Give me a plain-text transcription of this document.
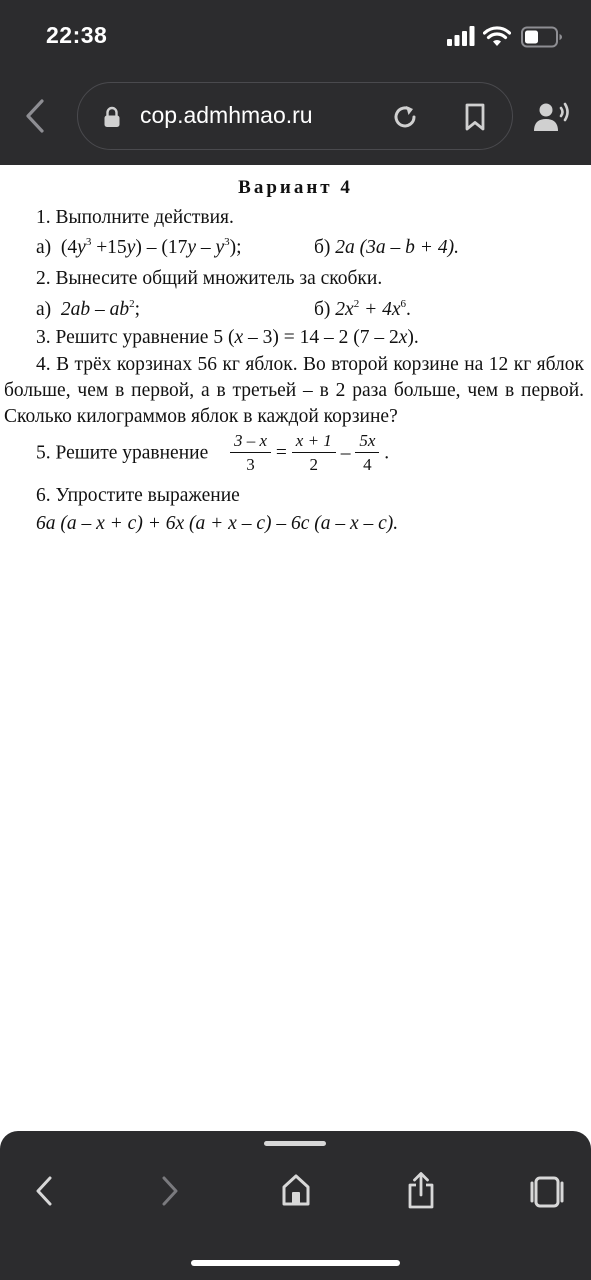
22:38
cop.admhmao.ru
Вариант 4
1. Выполните действия.
а) $(4y^3 +15y) - (17y - y^3)$;	б) 2a (3a – b + 4).
2. Вынесите общий множитель за скобки.
а) $2ab - ab^2$;	б) $2x^2 + 4x^6$.
3. Решитс уравнение 5 (x – 3) = 14 – 2 (7 – 2x).
4. В трёх корзинах 56 кг яблок. Во второй корзине на 12 кг яблок больше, чем в первой, а в третьей – в 2 раза больше, чем в первой. Сколько килограммов яблок в каждой корзине?
5. Решите уравнение $\frac{3 - x}{3} = \frac{x + 1}{2} - \frac{5x}{4}$ .
6. Упростите выражение
6a (a – x + c) + 6x (a + x – c) – 6c (a – x – c).
